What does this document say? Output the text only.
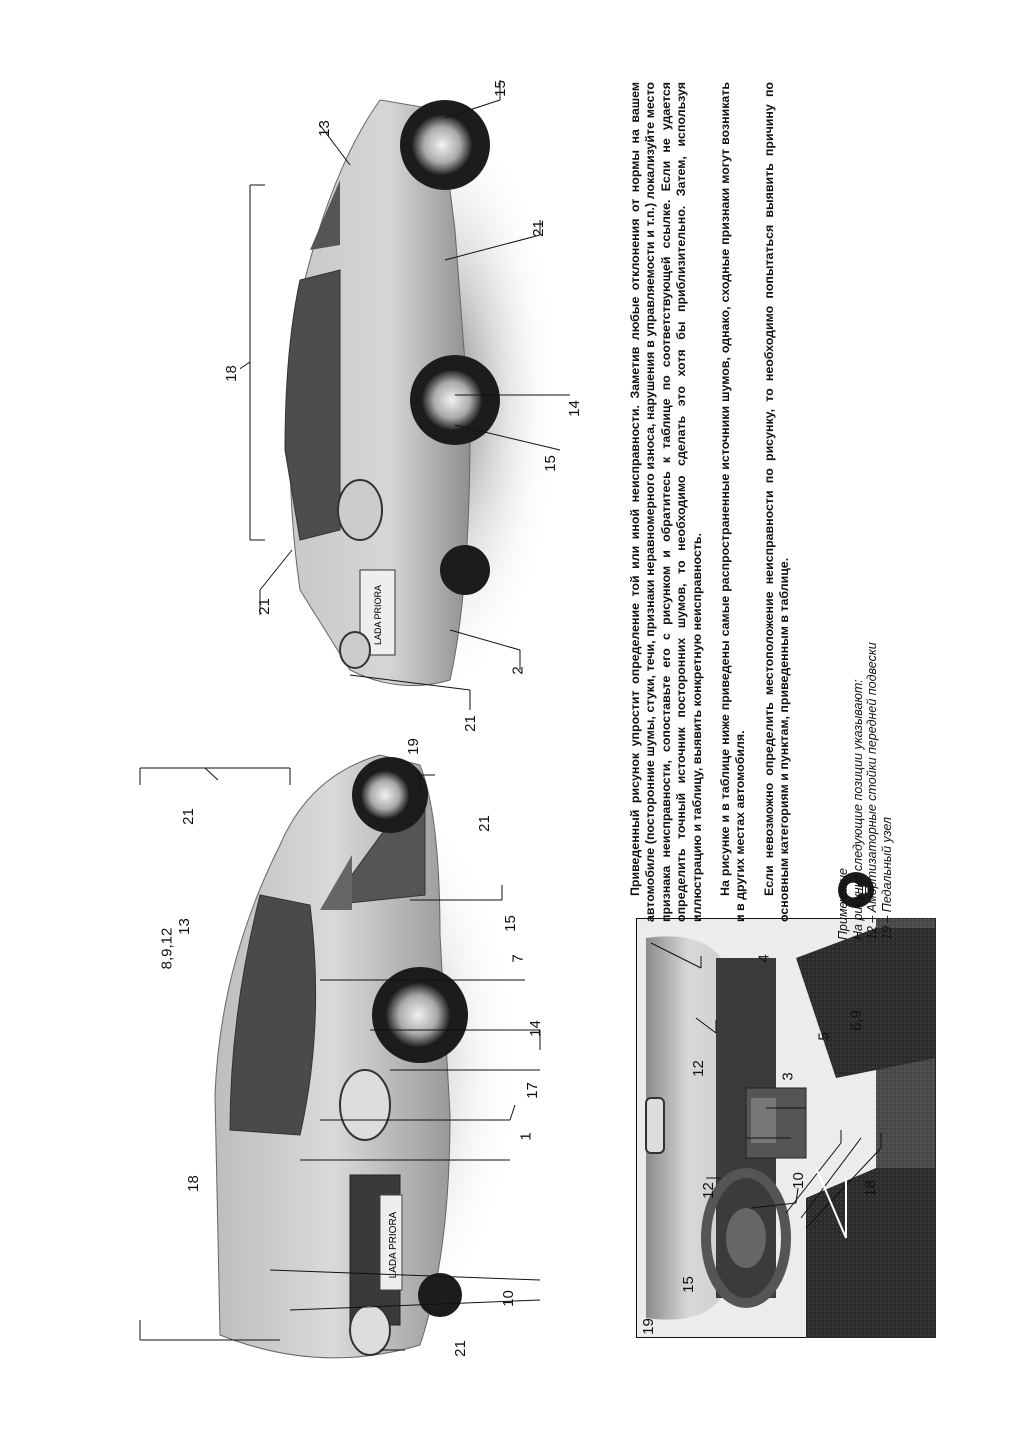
LADA PRIORA
21
10
18
8,9,12
13
1
17
14
7
15
21
21
19
LADA PRIORA
21
2
21
15
14
18
21
13
15
19
15
12	18
10
12	3
4
5
6,9

Приведенный рисунок упростит определение той или иной неисправности. Заметив любые отклонения от нормы на вашем автомобиле (посторонние шумы, стуки, течи, признаки неравномерного износа, нарушения в управляемости и т.п.) локализуйте место признака неисправности, сопоставьте его с рисунком и обратитесь к таблице по соответствующей ссылке. Если не удается определить точный источник посторонних шумов, то необходимо сделать это хотя бы приблизительно. Затем, используя иллюстрацию и таблицу, выявить конкретную неисправность. На рисунке и в таблице ниже приведены самые распространенные источники шумов, однако, сходные признаки могут возникать и в других местах автомобиля. Если невозможно определить местоположение неисправности по рисунку, то необходимо попытаться выявить причину по основным категориям и пунктам, приведенным в таблице.	Примечание На рисунке следующие позиции указывают: 12 – Амортизаторные стойки передней подвески 19 – Педальный узел
